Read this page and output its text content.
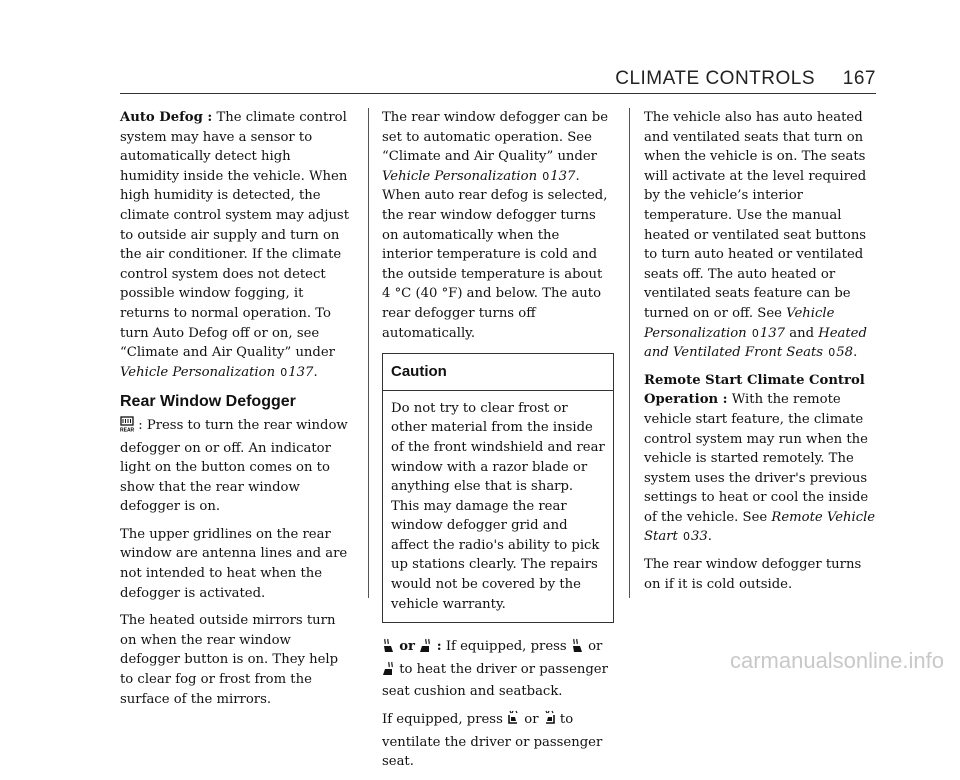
CLIMATE CONTROLS 167

Auto Defog : The climate control system may have a sensor to automatically detect high humidity inside the vehicle. When high humidity is detected, the climate control system may adjust to outside air supply and turn on the air conditioner. If the climate control system does not detect possible window fogging, it returns to normal operation. To turn Auto Defog off or on, see “Climate and Air Quality” under Vehicle Personalization 0137.

Rear Window Defogger

REAR : Press to turn the rear window defogger on or off. An indicator light on the button comes on to show that the rear window defogger is on.

The upper gridlines on the rear window are antenna lines and are not intended to heat when the defogger is activated.

The heated outside mirrors turn on when the rear window defogger button is on. They help to clear fog or frost from the surface of the mirrors.

The rear window defogger can be set to automatic operation. See “Climate and Air Quality” under Vehicle Personalization 0137. When auto rear defog is selected, the rear window defogger turns on automatically when the interior temperature is cold and the outside temperature is about 4 °C (40 °F) and below. The auto rear defogger turns off automatically.

Caution
Do not try to clear frost or other material from the inside of the front windshield and rear window with a razor blade or anything else that is sharp. This may damage the rear window defogger grid and affect the radio's ability to pick up stations clearly. The repairs would not be covered by the vehicle warranty.

or  : If equipped, press or  to heat the driver or passenger seat cushion and seatback.

If equipped, press or to ventilate the driver or passenger seat.

The vehicle also has auto heated and ventilated seats that turn on when the vehicle is on. The seats will activate at the level required by the vehicle’s interior temperature. Use the manual heated or ventilated seat buttons to turn auto heated or ventilated seats off. The auto heated or ventilated seats feature can be turned on or off. See Vehicle Personalization 0137 and Heated and Ventilated Front Seats 058.

Remote Start Climate Control Operation : With the remote vehicle start feature, the climate control system may run when the vehicle is started remotely. The system uses the driver's previous settings to heat or cool the inside of the vehicle. See Remote Vehicle Start 033.

The rear window defogger turns on if it is cold outside.

carmanualsonline.info
